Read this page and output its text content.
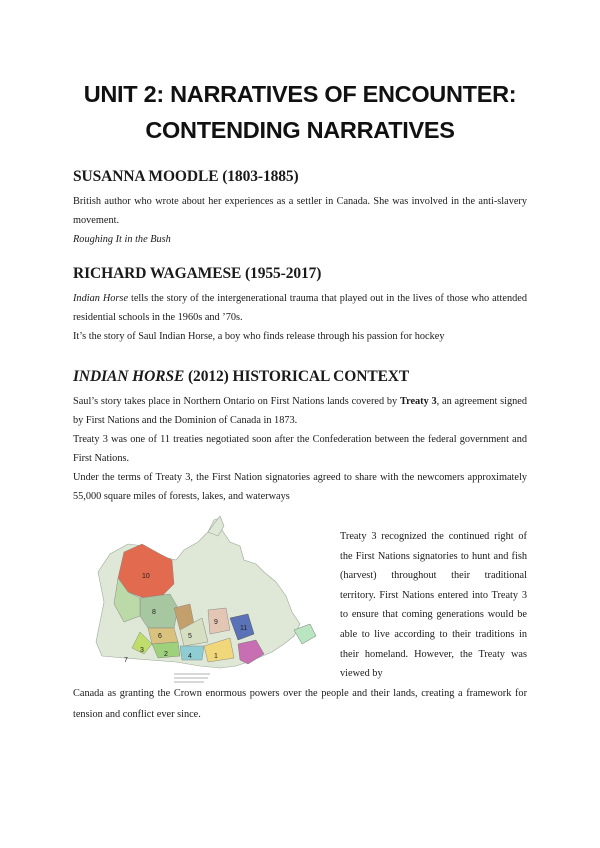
UNIT 2: NARRATIVES OF ENCOUNTER:
CONTENDING NARRATIVES
SUSANNA MOODLE (1803-1885)

British author who wrote about her experiences as a settler in Canada. She was involved in the anti-slavery movement.

Roughing It in the Bush

RICHARD WAGAMESE (1955-2017)

Indian Horse tells the story of the intergenerational trauma that played out in the lives of those who attended residential schools in the 1960s and ’70s.

It’s the story of Saul Indian Horse, a boy who finds release through his passion for hockey

INDIAN HORSE (2012) HISTORICAL CONTEXT

Saul’s story takes place in Northern Ontario on First Nations lands covered by Treaty 3, an agreement signed by First Nations and the Dominion of Canada in 1873.

Treaty 3 was one of 11 treaties negotiated soon after the Confederation between the federal government and First Nations.

Under the terms of Treaty 3, the First Nation signatories agreed to share with the newcomers approximately 55,000 square miles of forests, lakes, and waterways

10
8
6	5
9
3
2	4
7
1
11

Treaty 3 recognized the continued right of the First Nations signatories to hunt and fish (harvest) throughout their traditional territory. First Nations entered into Treaty 3 to ensure that coming generations would be able to live according to their traditions in their homeland. However, the Treaty was viewed by

Canada as granting the Crown enormous powers over the people and their lands, creating a framework for tension and conflict ever since.
